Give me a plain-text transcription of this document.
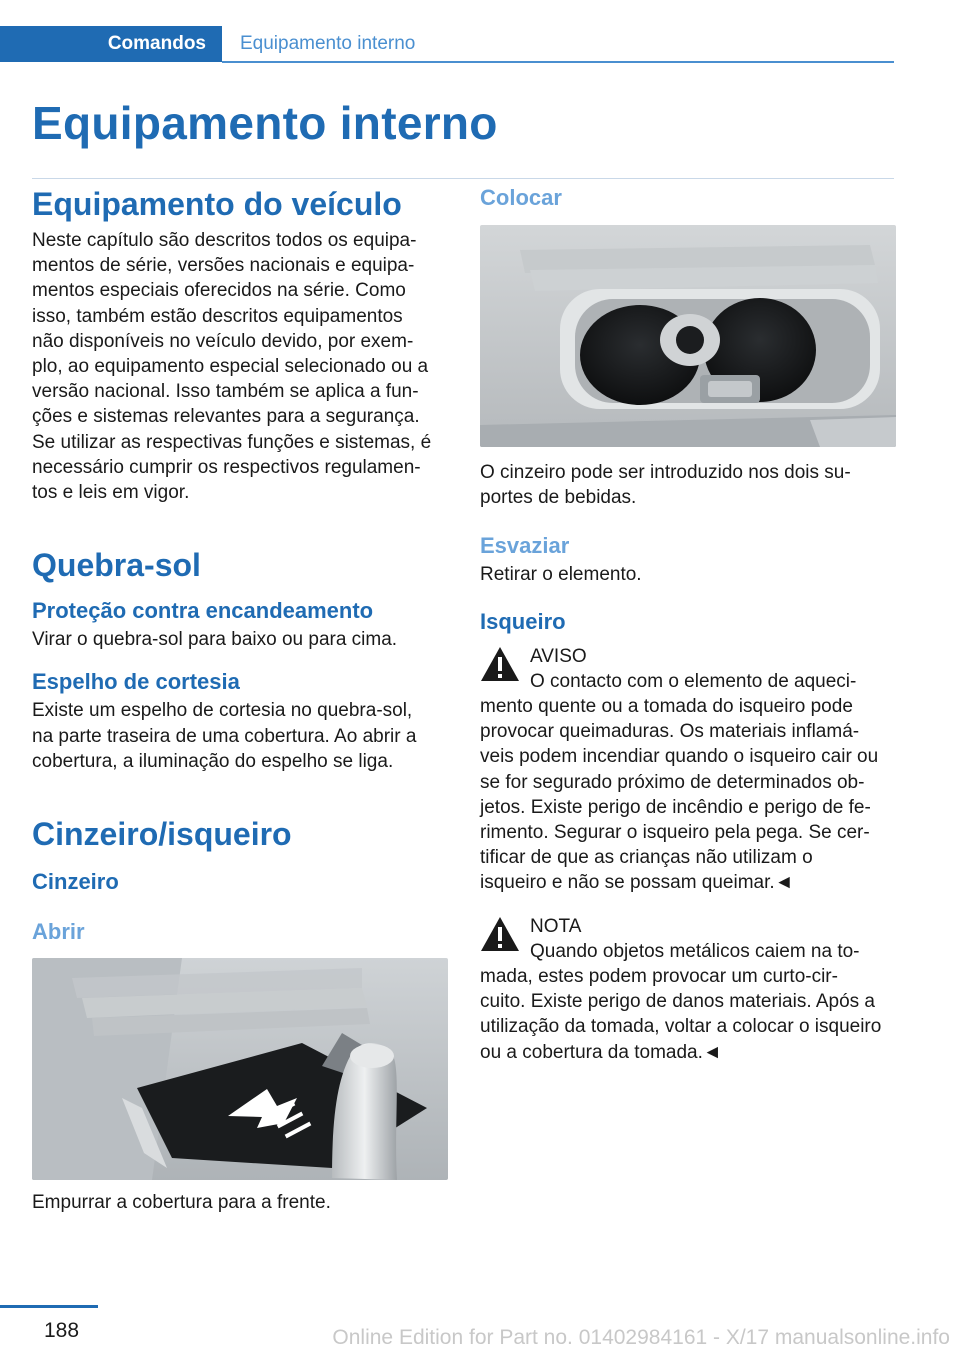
Comandos	Equipamento interno
Equipamento interno
Equipamento do veículo

Neste capítulo são descritos todos os equipa-
mentos de série, versões nacionais e equipa-
mentos especiais oferecidos na série. Como
isso, também estão descritos equipamentos
não disponíveis no veículo devido, por exem-
plo, ao equipamento especial selecionado ou a
versão nacional. Isso também se aplica a fun-
ções e sistemas relevantes para a segurança.
Se utilizar as respectivas funções e sistemas, é
necessário cumprir os respectivos regulamen-
tos e leis em vigor.

Quebra-sol
Proteção contra encandeamento

Virar o quebra-sol para baixo ou para cima.

Espelho de cortesia

Existe um espelho de cortesia no quebra-sol,
na parte traseira de uma cobertura. Ao abrir a
cobertura, a iluminação do espelho se liga.

Cinzeiro/isqueiro
Cinzeiro
Abrir

Empurrar a cobertura para a frente.

Colocar

O cinzeiro pode ser introduzido nos dois su-
portes de bebidas.

Esvaziar

Retirar o elemento.

Isqueiro

AVISO
O contacto com o elemento de aqueci-
mento quente ou a tomada do isqueiro pode
provocar queimaduras. Os materiais inflamá-
veis podem incendiar quando o isqueiro cair ou
se for segurado próximo de determinados ob-
jetos. Existe perigo de incêndio e perigo de fe-
rimento. Segurar o isqueiro pela pega. Se cer-
tificar de que as crianças não utilizam o
isqueiro e não se possam queimar.◄

NOTA
Quando objetos metálicos caiem na to-
mada, estes podem provocar um curto-cir-
cuito. Existe perigo de danos materiais. Após a
utilização da tomada, voltar a colocar o isqueiro
ou a cobertura da tomada.◄

188	Online Edition for Part no. 01402984161 - X/17 manualsonline.info
